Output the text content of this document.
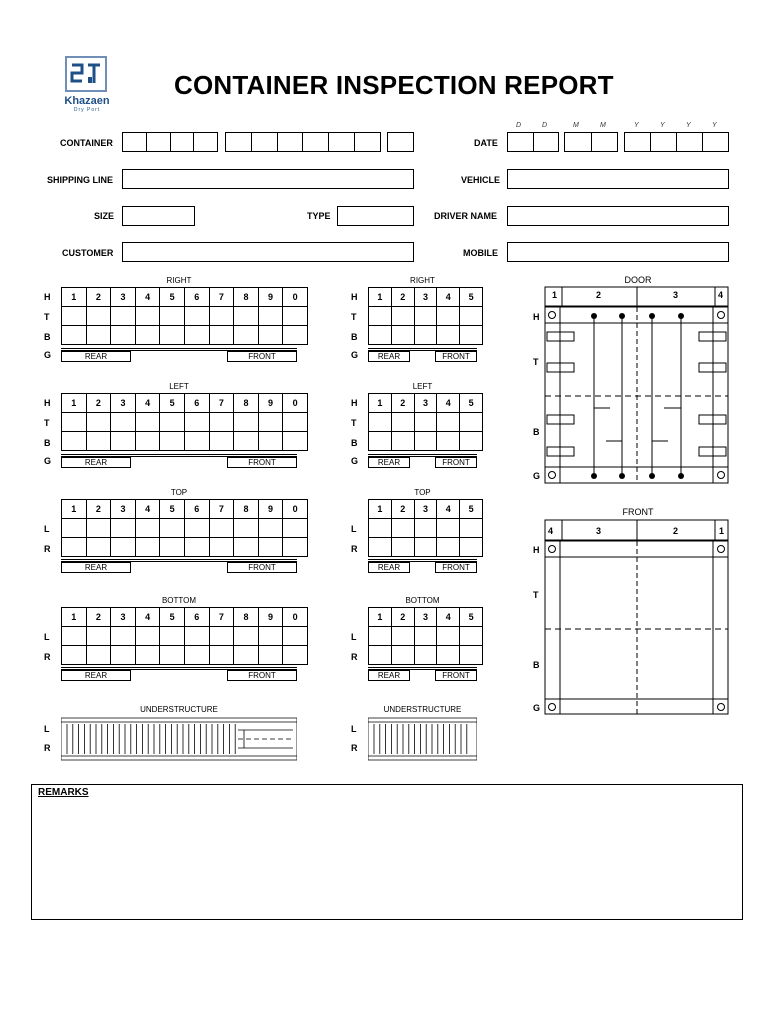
Khazaen
Dry Port
CONTAINER INSPECTION REPORT
CONTAINER	DATE
D	D	M	M	Y	Y	Y	Y
SHIPPING LINE	VEHICLE
SIZE	TYPE	DRIVER NAME
CUSTOMER	MOBILE
RIGHT
H
T
B
G
1	2	3	4	5	6	7	8	9	0

REAR	FRONT
RIGHT
H
T
B
G
1	2	3	4	5

REAR	FRONT
LEFT
H
T
B
G
1	2	3	4	5	6	7	8	9	0

REAR	FRONT
LEFT
H
T
B
G
1	2	3	4	5

REAR	FRONT
TOP
L
R
1	2	3	4	5	6	7	8	9	0

REAR	FRONT
TOP
L
R
1	2	3	4	5

REAR	FRONT
BOTTOM
L
R
1	2	3	4	5	6	7	8	9	0

REAR	FRONT
BOTTOM
L
R
1	2	3	4	5

REAR	FRONT
UNDERSTRUCTURE
L
R
UNDERSTRUCTURE
L
R
DOOR
1	2	3	4
H
T
B
G
FRONT
4	3	2	1
H
T
B
G
REMARKS
